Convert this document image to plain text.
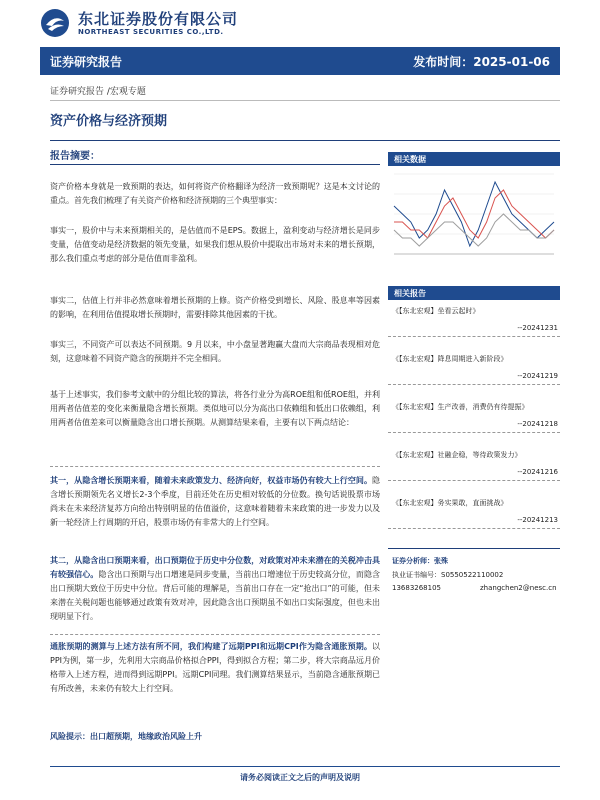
东北证券股份有限公司
NORTHEAST SECURITIES CO.,LTD.
证券研究报告	发布时间：2025-01-06
证券研究报告 /宏观专题
资产价格与经济预期
报告摘要：

资产价格本身就是一致预期的表达，如何将资产价格翻译为经济一致预期呢？这是本文讨论的重点。首先我们梳理了有关资产价格和经济预期的三个典型事实：

事实一，股价中与未来预期相关的，是估值而不是EPS。数据上，盈利变动与经济增长是同步变量，估值变动是经济数据的领先变量，如果我们想从股价中提取出市场对未来的增长预期，那么我们重点考虑的部分是估值而非盈利。

事实二，估值上行并非必然意味着增长预期的上修。资产价格受到增长、风险、股息率等因素的影响，在利用估值提取增长预期时，需要排除其他因素的干扰。

事实三，不同资产可以表达不同预期。9 月以来，中小盘显著跑赢大盘而大宗商品表现相对危刻，这意味着不同资产隐含的预期并不完全相同。

基于上述事实，我们参考文献中的分组比较的算法，将各行业分为高ROE组和低ROE组，并利用两者估值差的变化来衡量隐含增长预期。类似地可以分为高出口依赖组和低出口依赖组，利用两者估值差来可以衡量隐含出口增长预期。从测算结果来看，主要有以下两点结论：

其一，从隐含增长预期来看，随着未来政策发力、经济向好，权益市场仍有较大上行空间。隐含增长预期领先名义增长2-3个季度，目前还处在历史相对较低的分位数。换句话说股票市场尚未在未来经济复苏方向给出特别明显的估值溢价，这意味着随着未来政策的进一步发力以及新一轮经济上行周期的开启，股票市场仍有非常大的上行空间。

其二，从隐含出口预期来看，出口预期位于历史中分位数，对政策对冲未来潜在的关税冲击具有较强信心。隐含出口预期与出口增速是同步变量，当前出口增速位于历史较高分位，而隐含出口预期大致位于历史中分位。背后可能的理解是，当前出口存在一定“抢出口”的可能，但未来潜在关税问题也能够通过政策有效对冲，因此隐含出口预期虽不如出口实际强度，但也未出现明显下行。

通胀预期的测算与上述方法有所不同，我们构建了远期PPI和远期CPI作为隐含通胀预期。以PPI为例，第一步，先利用大宗商品价格拟合PPI，得到拟合方程；第二步，将大宗商品远月价格带入上述方程，进而得到远期PPI。远期CPI同理。我们测算结果显示，当前隐含通胀预期已有所改善，未来仍有较大上行空间。

风险提示：出口超预期，地缘政治风险上升

相关数据
相关报告
《【东北宏观】坐看云起时》
--20241231
《【东北宏观】降息周期进入新阶段》
--20241219
《【东北宏观】生产改善，消费仍有待提振》
--20241218
《【东北宏观】社融企稳，等待政策发力》
--20241216
《【东北宏观】务实果敢，直面挑战》
--20241213
证券分析师：张殊
执业证书编号：S0550522110002
13683268105	zhangchen2@nesc.cn
请务必阅读正文之后的声明及说明
